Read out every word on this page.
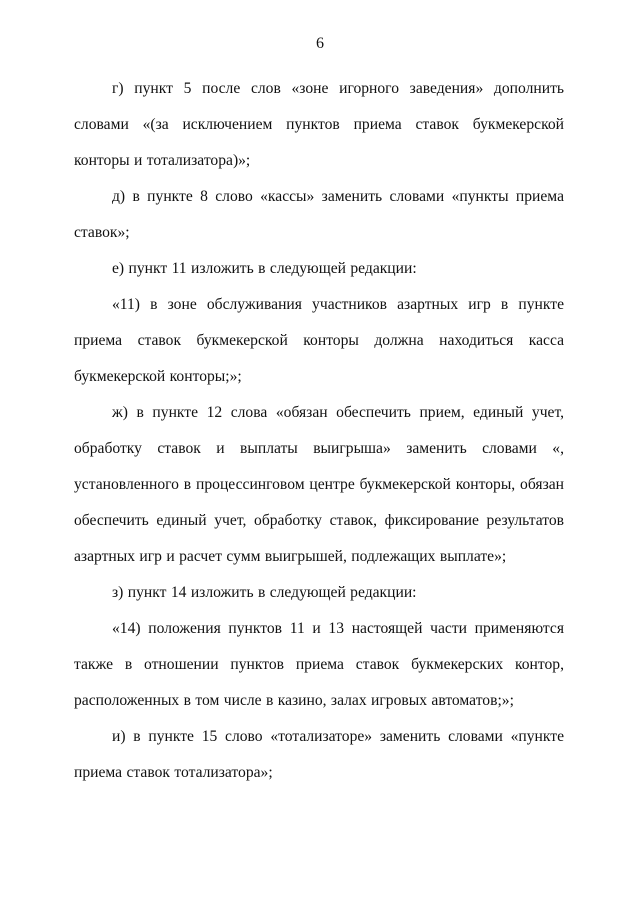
6

г) пункт 5 после слов «зоне игорного заведения» дополнить словами «(за исключением пунктов приема ставок букмекерской конторы и тотализатора)»;

д) в пункте 8 слово «кассы» заменить словами «пункты приема ставок»;

е) пункт 11 изложить в следующей редакции:

«11) в зоне обслуживания участников азартных игр в пункте приема ставок букмекерской конторы должна находиться касса букмекерской конторы;»;

ж) в пункте 12 слова «обязан обеспечить прием, единый учет, обработку ставок и выплаты выигрыша» заменить словами «, установленного в процессинговом центре букмекерской конторы, обязан обеспечить единый учет, обработку ставок, фиксирование результатов азартных игр и расчет сумм выигрышей, подлежащих выплате»;

з) пункт 14 изложить в следующей редакции:

«14) положения пунктов 11 и 13 настоящей части применяются также в отношении пунктов приема ставок букмекерских контор, расположенных в том числе в казино, залах игровых автоматов;»;

и) в пункте 15 слово «тотализаторе» заменить словами «пункте приема ставок тотализатора»;
